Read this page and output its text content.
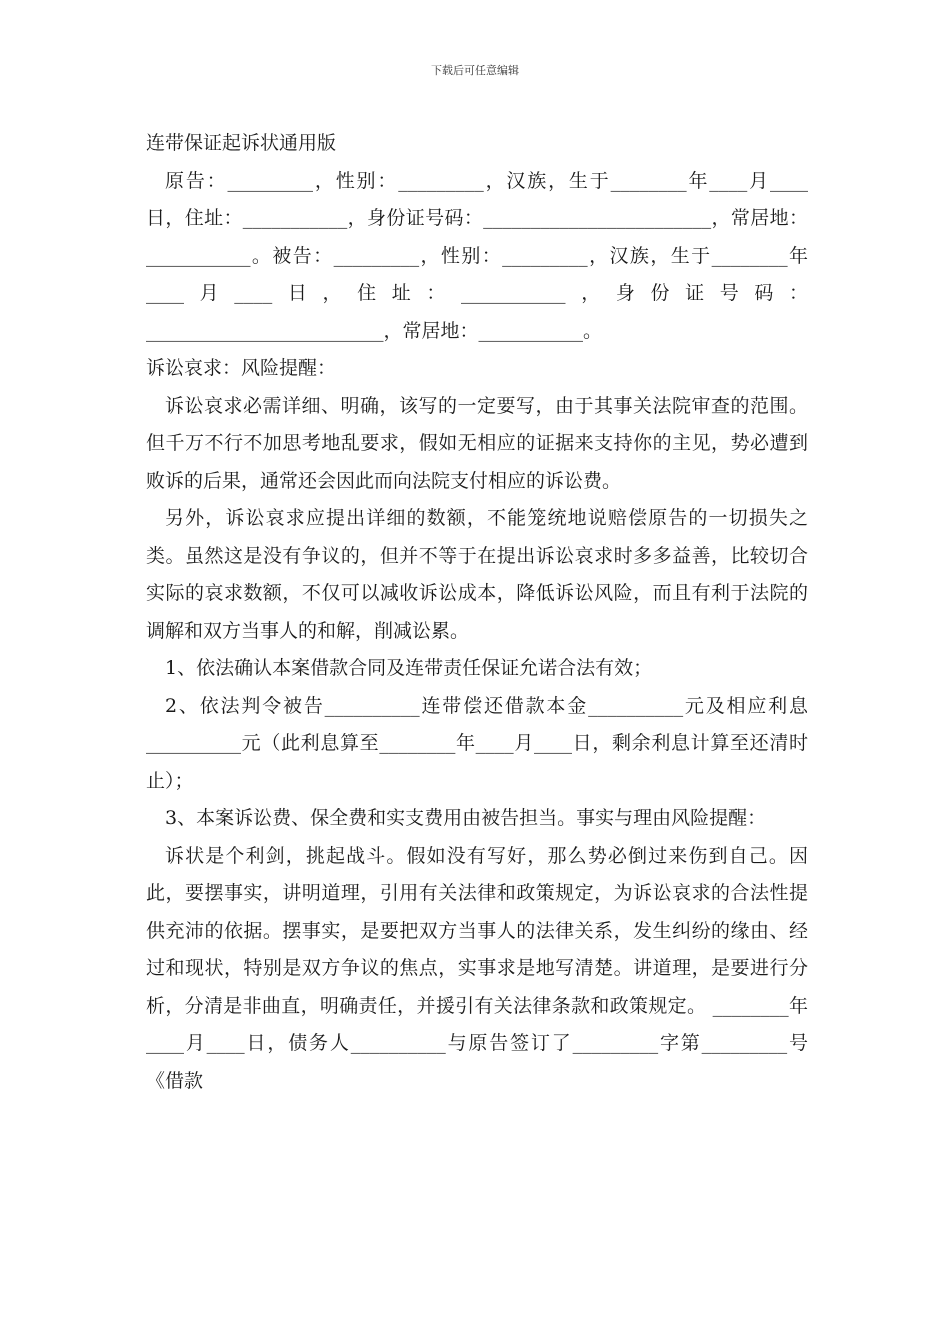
下载后可任意编辑

连带保证起诉状通用版

原告：_________，性别：_________，汉族，生于________年____月____日，住址：___________，身份证号码：________________________，常居地：___________。被告：_________，性别：_________，汉族，生于________年____月____日，住址：___________，身份证号码：_________________________，常居地：___________。

诉讼哀求：风险提醒：

诉讼哀求必需详细、明确，该写的一定要写，由于其事关法院审查的范围。但千万不行不加思考地乱要求，假如无相应的证据来支持你的主见，势必遭到败诉的后果，通常还会因此而向法院支付相应的诉讼费。

另外，诉讼哀求应提出详细的数额，不能笼统地说赔偿原告的一切损失之类。虽然这是没有争议的，但并不等于在提出诉讼哀求时多多益善，比较切合实际的哀求数额，不仅可以减收诉讼成本，降低诉讼风险，而且有利于法院的调解和双方当事人的和解，削减讼累。

1、依法确认本案借款合同及连带责任保证允诺合法有效；

2、依法判令被告__________连带偿还借款本金__________元及相应利息__________元（此利息算至________年____月____日，剩余利息计算至还清时止）；

3、本案诉讼费、保全费和实支费用由被告担当。事实与理由风险提醒：

诉状是个利剑，挑起战斗。假如没有写好，那么势必倒过来伤到自己。因此，要摆事实，讲明道理，引用有关法律和政策规定，为诉讼哀求的合法性提供充沛的依据。摆事实，是要把双方当事人的法律关系，发生纠纷的缘由、经过和现状，特别是双方争议的焦点，实事求是地写清楚。讲道理，是要进行分析，分清是非曲直，明确责任，并援引有关法律条款和政策规定。 ________年____月____日，债务人__________与原告签订了_________字第_________号《借款
